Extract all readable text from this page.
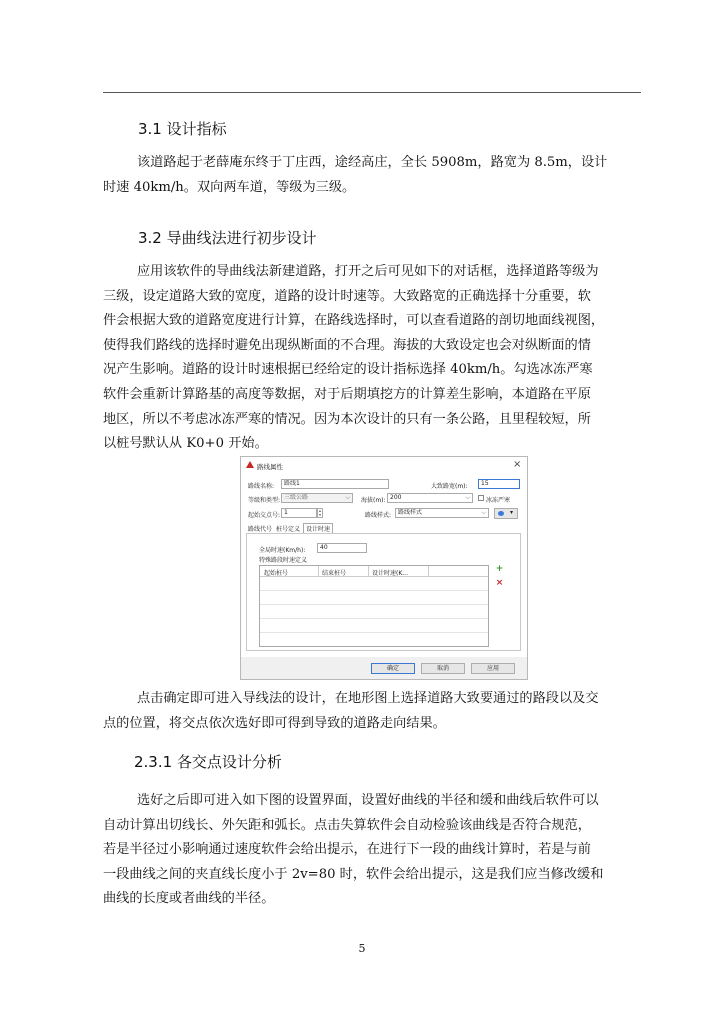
3.1 设计指标
该道路起于老薛庵东终于丁庄西，途经高庄，全长 5908m，路宽为 8.5m，设计
时速 40km/h。双向两车道，等级为三级。
3.2 导曲线法进行初步设计
应用该软件的导曲线法新建道路，打开之后可见如下的对话框，选择道路等级为
三级，设定道路大致的宽度，道路的设计时速等。大致路宽的正确选择十分重要，软
件会根据大致的道路宽度进行计算，在路线选择时，可以查看道路的剖切地面线视图，
使得我们路线的选择时避免出现纵断面的不合理。海拔的大致设定也会对纵断面的情
况产生影响。道路的设计时速根据已经给定的设计指标选择 40km/h。勾选冰冻严寒
软件会重新计算路基的高度等数据，对于后期填挖方的计算差生影响，本道路在平原
地区，所以不考虑冰冻严寒的情况。因为本次设计的只有一条公路，且里程较短，所
以桩号默认从 K0+0 开始。
路线属性	×
路线名称:	路线1	大致路宽(m):	15
等级和类型: 三级公路	⌵ 海拔(m): 200	⌵	冰冻严寒
起始交点号: 1	▴
▾	路线样式:	路线样式	⌵	▾
路线代号 桩号定义 设计时速
全局时速(Km/h):	40
特殊路段时速定义
起始桩号	结束桩号	设计时速(K...	+
×
确定	取消	应用
点击确定即可进入导线法的设计，在地形图上选择道路大致要通过的路段以及交
点的位置，将交点依次选好即可得到导致的道路走向结果。
2.3.1 各交点设计分析
选好之后即可进入如下图的设置界面，设置好曲线的半径和缓和曲线后软件可以
自动计算出切线长、外矢距和弧长。点击失算软件会自动检验该曲线是否符合规范，
若是半径过小影响通过速度软件会给出提示，在进行下一段的曲线计算时，若是与前
一段曲线之间的夹直线长度小于 2v=80 时，软件会给出提示，这是我们应当修改缓和
曲线的长度或者曲线的半径。
5
